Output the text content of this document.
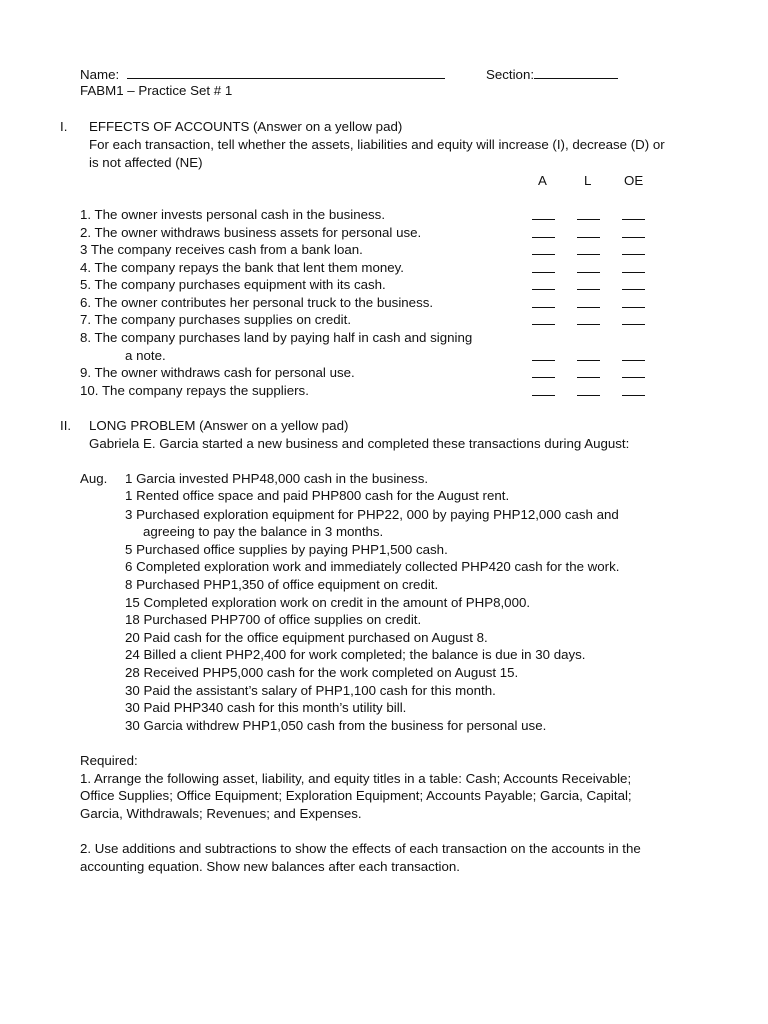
Name:	Section:
FABM1 – Practice Set # 1
I. EFFECTS OF ACCOUNTS (Answer on a yellow pad)
For each transaction, tell whether the assets, liabilities and equity will increase (I), decrease (D) or
is not affected (NE)
A	L OE
1. The owner invests personal cash in the business.
2. The owner withdraws business assets for personal use.
3 The company receives cash from a bank loan.
4. The company repays the bank that lent them money.
5. The company purchases equipment with its cash.
6. The owner contributes her personal truck to the business.
7. The company purchases supplies on credit.
8. The company purchases land by paying half in cash and signing
a note.
9. The owner withdraws cash for personal use.
10. The company repays the suppliers.
II. LONG PROBLEM (Answer on a yellow pad)
Gabriela E. Garcia started a new business and completed these transactions during August:
Aug. 1 Garcia invested PHP48,000 cash in the business.
1 Rented office space and paid PHP800 cash for the August rent.
3 Purchased exploration equipment for PHP22, 000 by paying PHP12,000 cash and
agreeing to pay the balance in 3 months.
5 Purchased office supplies by paying PHP1,500 cash.
6 Completed exploration work and immediately collected PHP420 cash for the work.
8 Purchased PHP1,350 of office equipment on credit.
15 Completed exploration work on credit in the amount of PHP8,000.
18 Purchased PHP700 of office supplies on credit.
20 Paid cash for the office equipment purchased on August 8.
24 Billed a client PHP2,400 for work completed; the balance is due in 30 days.
28 Received PHP5,000 cash for the work completed on August 15.
30 Paid the assistant’s salary of PHP1,100 cash for this month.
30 Paid PHP340 cash for this month’s utility bill.
30 Garcia withdrew PHP1,050 cash from the business for personal use.
Required:
1. Arrange the following asset, liability, and equity titles in a table: Cash; Accounts Receivable;
Office Supplies; Office Equipment; Exploration Equipment; Accounts Payable; Garcia, Capital;
Garcia, Withdrawals; Revenues; and Expenses.
2. Use additions and subtractions to show the effects of each transaction on the accounts in the
accounting equation. Show new balances after each transaction.
